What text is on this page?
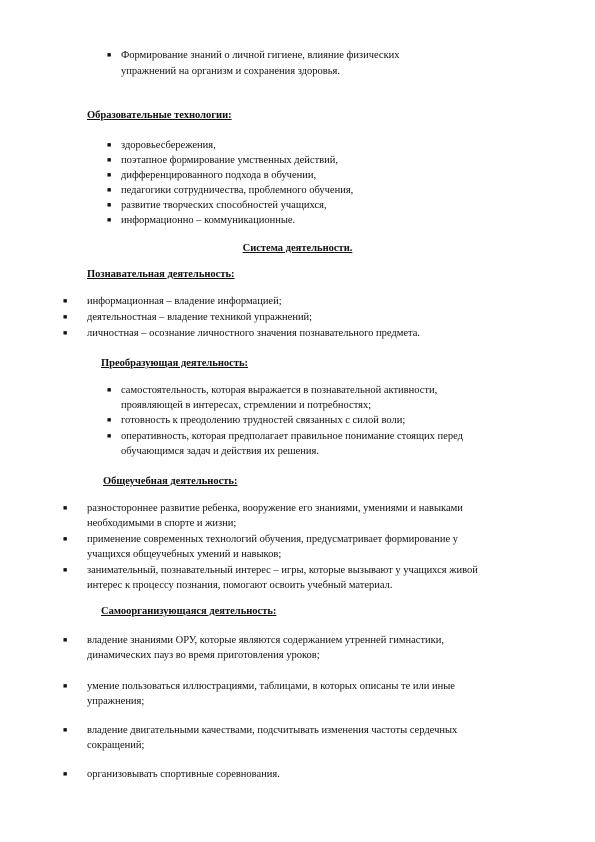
■ Формирование знаний о личной гигиене, влияние физических
упражнений на организм и сохранения здоровья.
Образовательные технологии:
■ здоровьесбережения,
■ поэтапное формирование умственных действий,
■ дифференцированного подхода в обучении,
■ педагогики сотрудничества, проблемного обучения,
■ развитие творческих способностей учащихся,
■ информационно – коммуникационные.
Система деятельности.
Познавательная деятельность:
■ информационная – владение информацией;
■ деятельностная – владение техникой упражнений;
■ личностная – осознание личностного значения познавательного предмета.
Преобразующая деятельность:
■ самостоятельность, которая выражается в познавательной активности,
проявляющей в интересах, стремлении и потребностях;
■ готовность к преодолению трудностей связанных с силой воли;
■ оперативность, которая предполагает правильное понимание стоящих перед
обучающимся задач и действия их решения.
Общеучебная деятельность:
■ разностороннее развитие ребенка, вооружение его знаниями, умениями и навыками
необходимыми в спорте и жизни;
■ применение современных технологий обучения, предусматривает формирование у
учащихся общеучебных умений и навыков;
■ занимательный, познавательный интерес – игры, которые вызывают у учащихся живой
интерес к процессу познания, помогают освоить учебный материал.
Самоорганизующаяся деятельность:
■ владение знаниями ОРУ, которые являются содержанием утренней гимнастики,
динамических пауз во время приготовления уроков;
■ умение пользоваться иллюстрациями, таблицами, в которых описаны те или иные
упражнения;
■ владение двигательными качествами, подсчитывать изменения частоты сердечных
сокращений;
■ организовывать спортивные соревнования.
